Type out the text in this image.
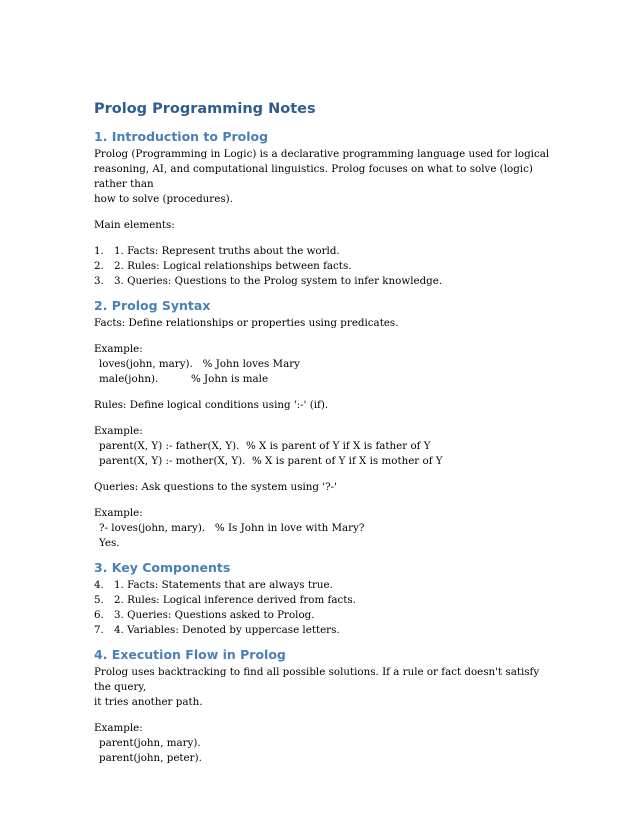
Prolog Programming Notes
1. Introduction to Prolog
Prolog (Programming in Logic) is a declarative programming language used for logical
reasoning, AI, and computational linguistics. Prolog focuses on what to solve (logic) rather than
how to solve (procedures).
Main elements:
1. 1. Facts: Represent truths about the world.
2. 2. Rules: Logical relationships between facts.
3. 3. Queries: Questions to the Prolog system to infer knowledge.
2. Prolog Syntax
Facts: Define relationships or properties using predicates.
Example:
loves(john, mary).   % John loves Mary
male(john).          % John is male
Rules: Define logical conditions using ':-' (if).
Example:
parent(X, Y) :- father(X, Y).  % X is parent of Y if X is father of Y
parent(X, Y) :- mother(X, Y).  % X is parent of Y if X is mother of Y
Queries: Ask questions to the system using '?-'
Example:
?- loves(john, mary).   % Is John in love with Mary?
Yes.
3. Key Components
4. 1. Facts: Statements that are always true.
5. 2. Rules: Logical inference derived from facts.
6. 3. Queries: Questions asked to Prolog.
7. 4. Variables: Denoted by uppercase letters.
4. Execution Flow in Prolog
Prolog uses backtracking to find all possible solutions. If a rule or fact doesn't satisfy the query,
it tries another path.
Example:
parent(john, mary).
parent(john, peter).
